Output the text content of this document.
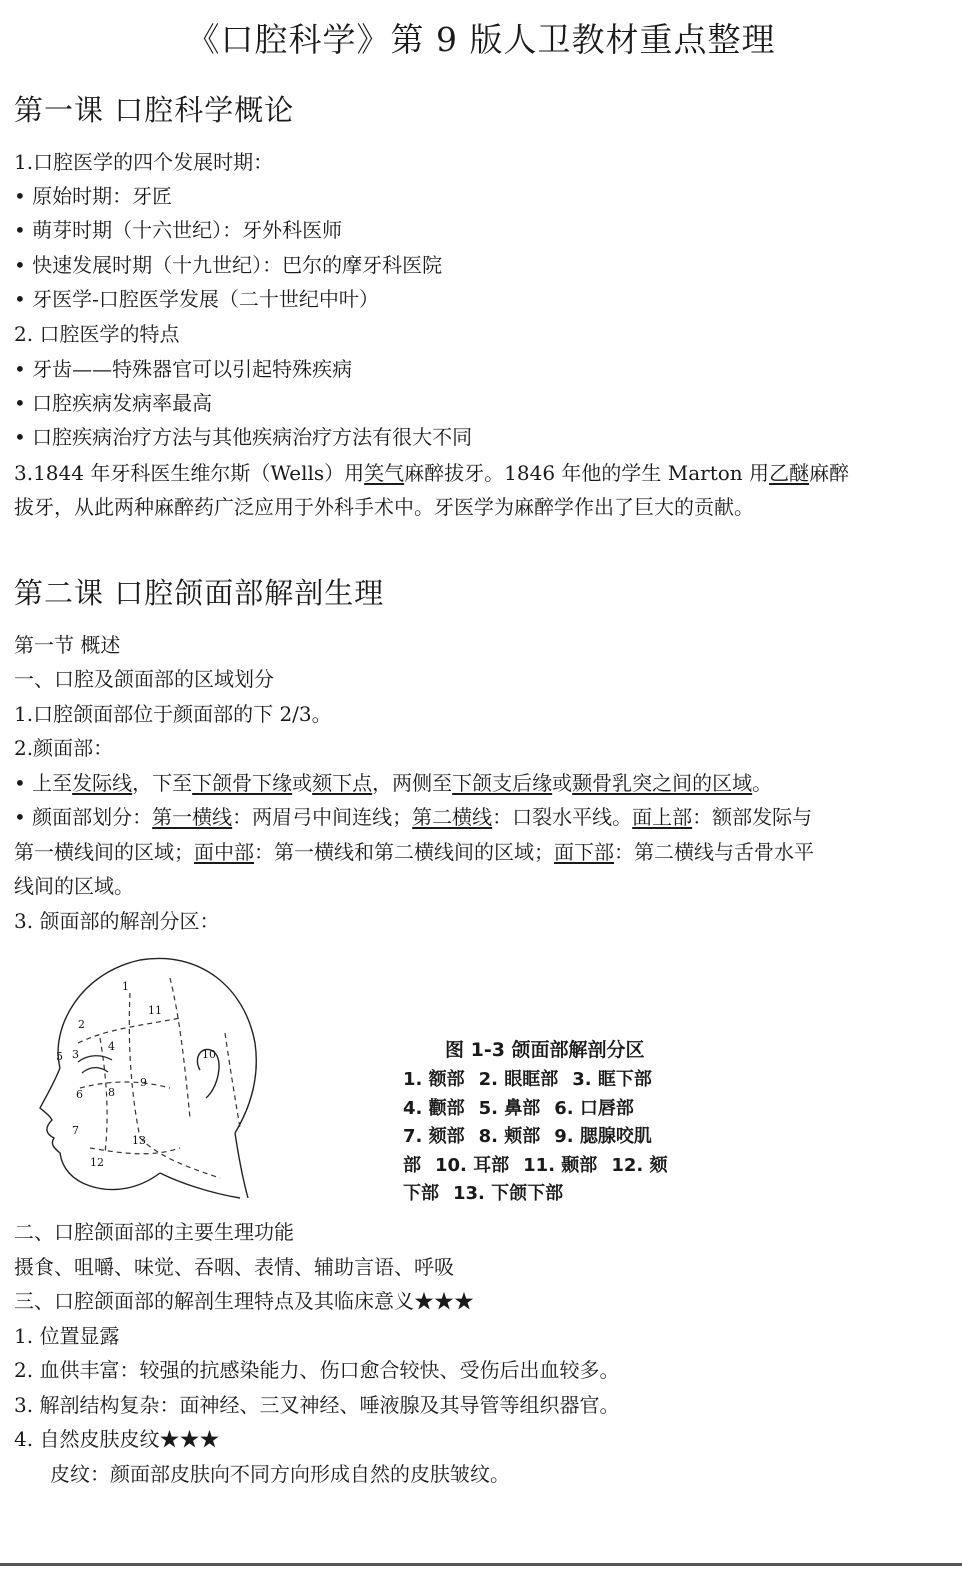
《口腔科学》第 9 版人卫教材重点整理
第一课 口腔科学概论
1.口腔医学的四个发展时期：
• 原始时期：牙匠
• 萌芽时期（十六世纪）：牙外科医师
• 快速发展时期（十九世纪）：巴尔的摩牙科医院
• 牙医学-口腔医学发展（二十世纪中叶）
2. 口腔医学的特点
• 牙齿——特殊器官可以引起特殊疾病
• 口腔疾病发病率最高
• 口腔疾病治疗方法与其他疾病治疗方法有很大不同
3.1844 年牙科医生维尔斯（Wells）用笑气麻醉拔牙。1846 年他的学生 Marton 用乙醚麻醉
拔牙，从此两种麻醉药广泛应用于外科手术中。牙医学为麻醉学作出了巨大的贡献。
第二课 口腔颌面部解剖生理
第一节 概述
一、口腔及颌面部的区域划分
1.口腔颌面部位于颜面部的下 2/3。
2.颜面部：
• 上至发际线，下至下颌骨下缘或颏下点，两侧至下颌支后缘或颞骨乳突之间的区域。
• 颜面部划分：第一横线：两眉弓中间连线；第二横线：口裂水平线。面上部：额部发际与
第一横线间的区域；面中部：第一横线和第二横线间的区域；面下部：第二横线与舌骨水平
线间的区域。
3. 颌面部的解剖分区：
1
2
3
4
5
6
7
8
9
10
11
12
13
图 1-3 颌面部解剖分区
1. 额部 2. 眼眶部 3. 眶下部
4. 颧部 5. 鼻部 6. 口唇部
7. 颏部 8. 颊部 9. 腮腺咬肌
部 10. 耳部 11. 颞部 12. 颏
下部 13. 下颌下部
二、口腔颌面部的主要生理功能
摄食、咀嚼、味觉、吞咽、表情、辅助言语、呼吸
三、口腔颌面部的解剖生理特点及其临床意义★★★
1. 位置显露
2. 血供丰富：较强的抗感染能力、伤口愈合较快、受伤后出血较多。
3. 解剖结构复杂：面神经、三叉神经、唾液腺及其导管等组织器官。
4. 自然皮肤皮纹★★★
皮纹：颜面部皮肤向不同方向形成自然的皮肤皱纹。
